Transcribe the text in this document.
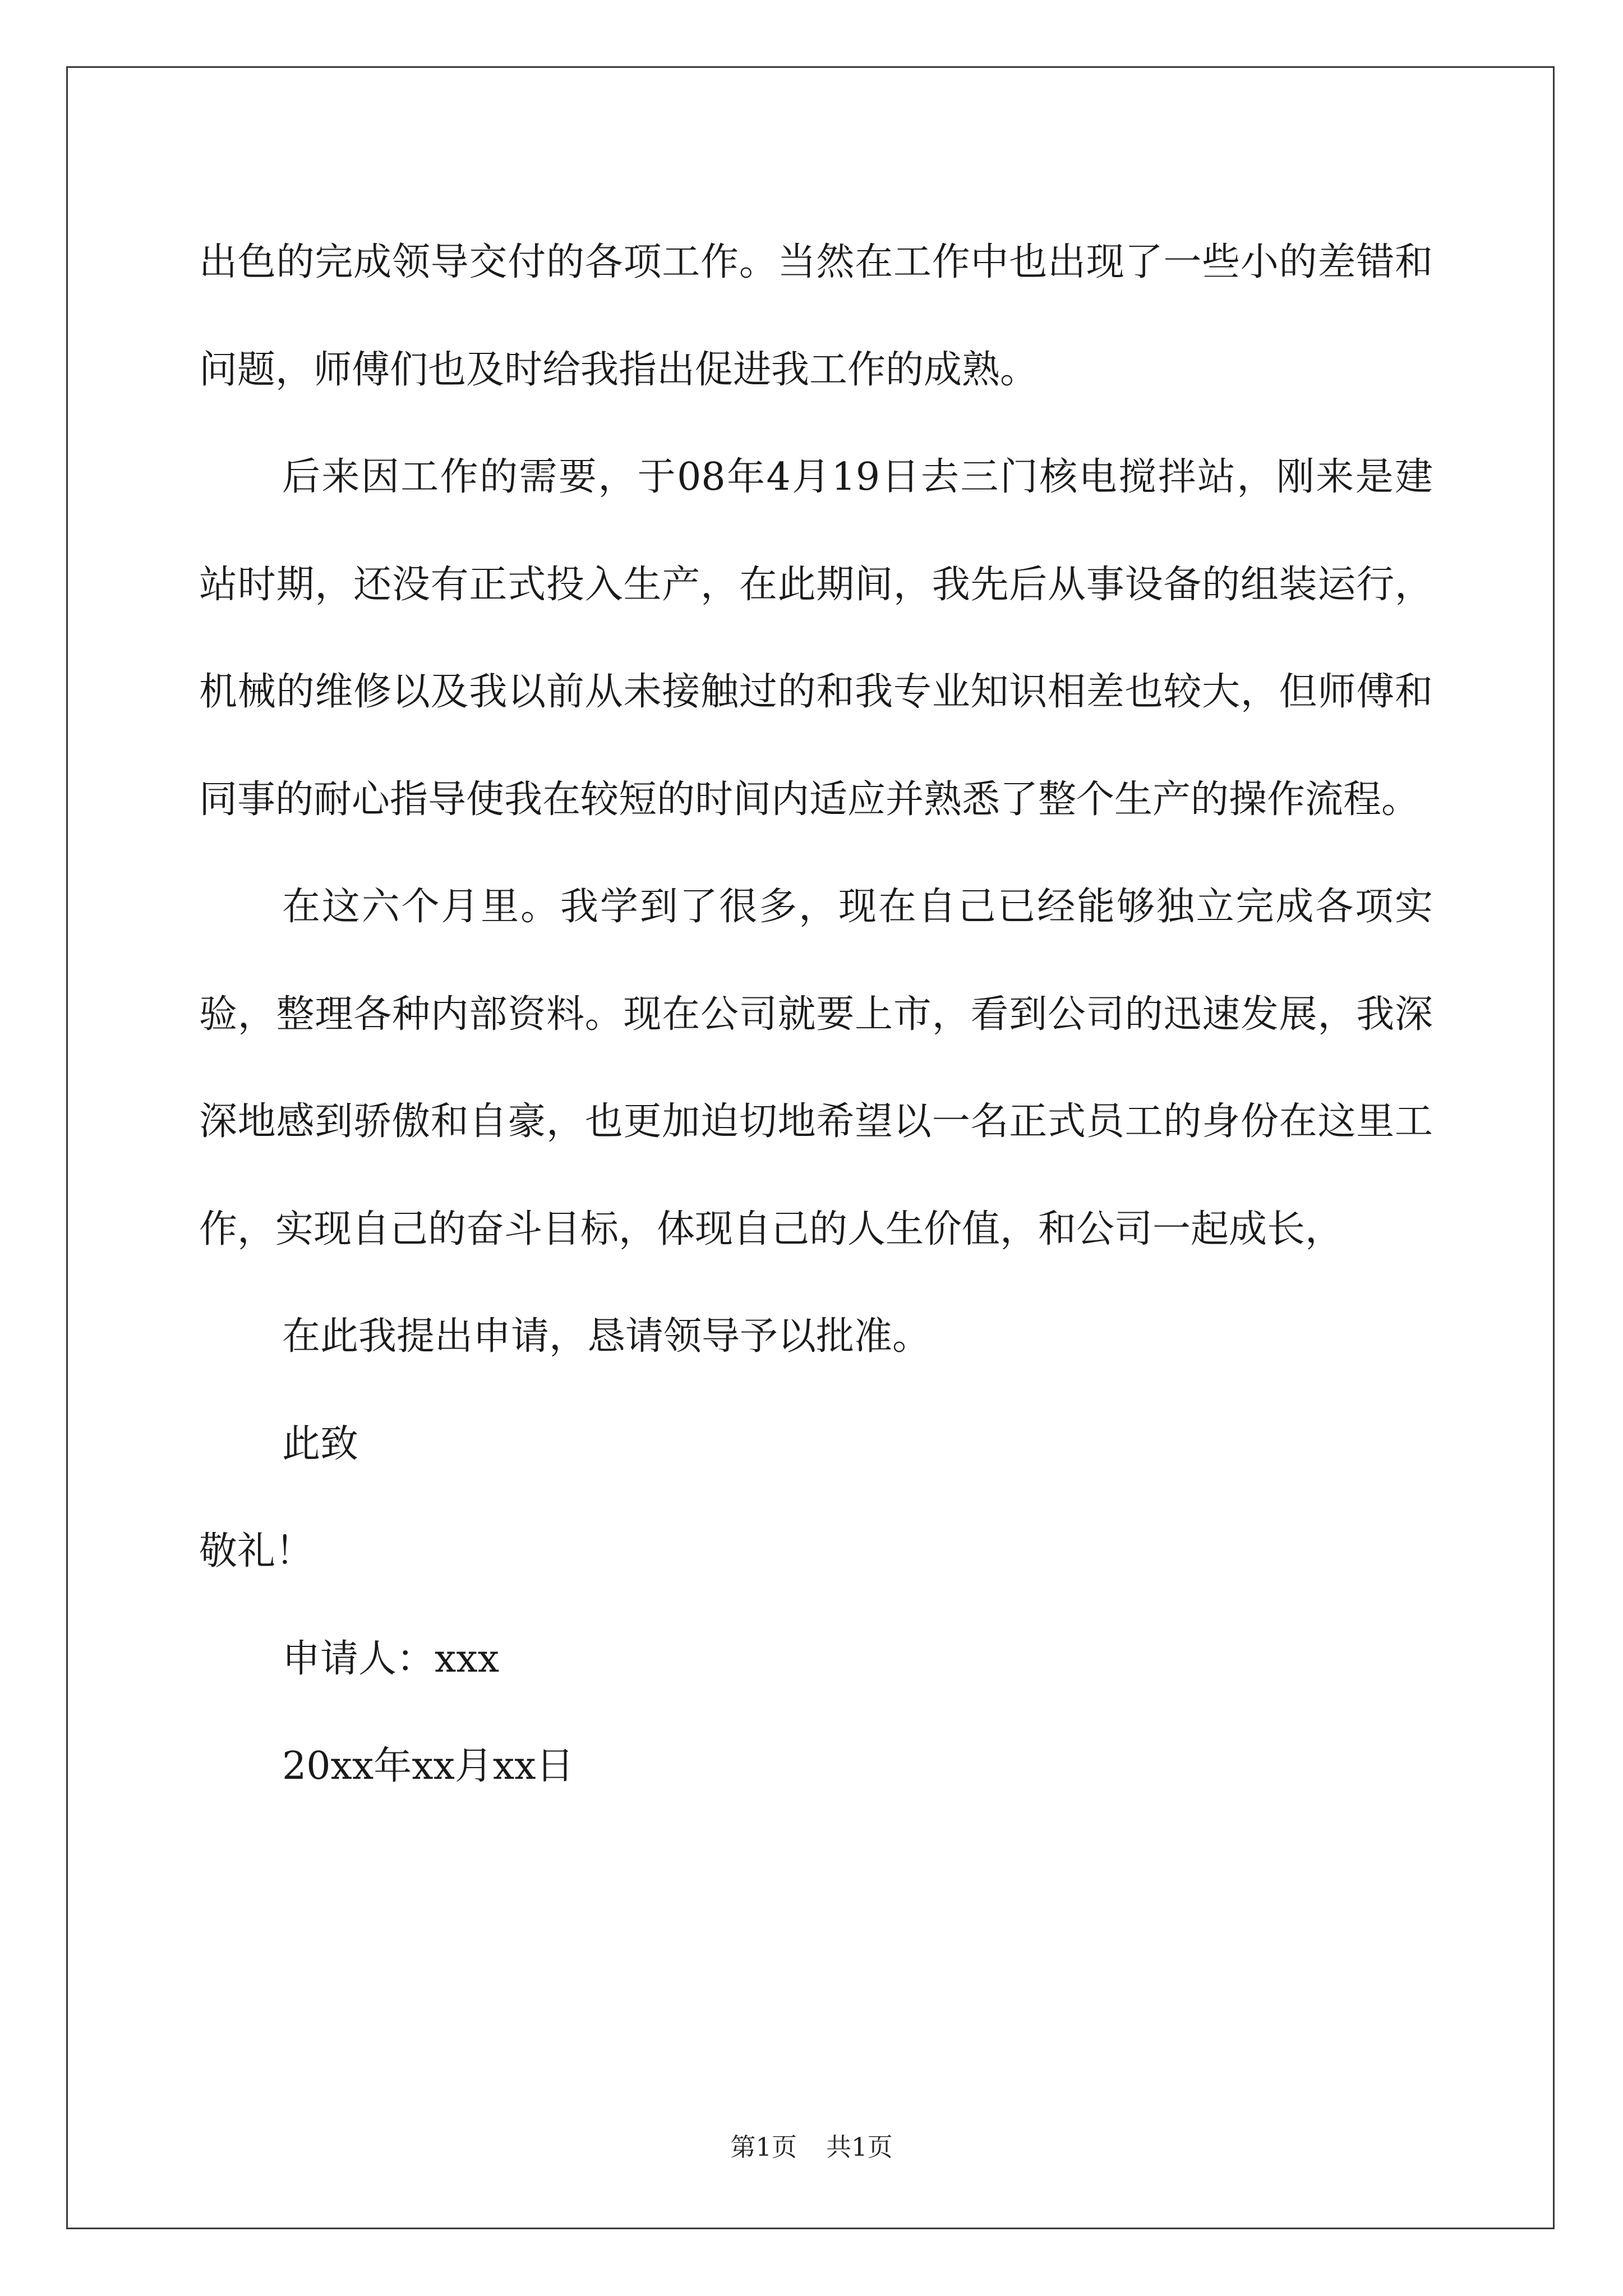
出色的完成领导交付的各项工作。当然在工作中也出现了一些小的差错和问题，师傅们也及时给我指出促进我工作的成熟。

后来因工作的需要，于08年4月19日去三门核电搅拌站，刚来是建站时期，还没有正式投入生产，在此期间，我先后从事设备的组装运行，机械的维修以及我以前从未接触过的和我专业知识相差也较大，但师傅和同事的耐心指导使我在较短的时间内适应并熟悉了整个生产的操作流程。

在这六个月里。我学到了很多，现在自己已经能够独立完成各项实验，整理各种内部资料。现在公司就要上市，看到公司的迅速发展，我深深地感到骄傲和自豪，也更加迫切地希望以一名正式员工的身份在这里工作，实现自己的奋斗目标，体现自己的人生价值，和公司一起成长，

在此我提出申请，恳请领导予以批准。

此致

敬礼！

申请人：xxx

20xx年xx月xx日

第1页 共1页
